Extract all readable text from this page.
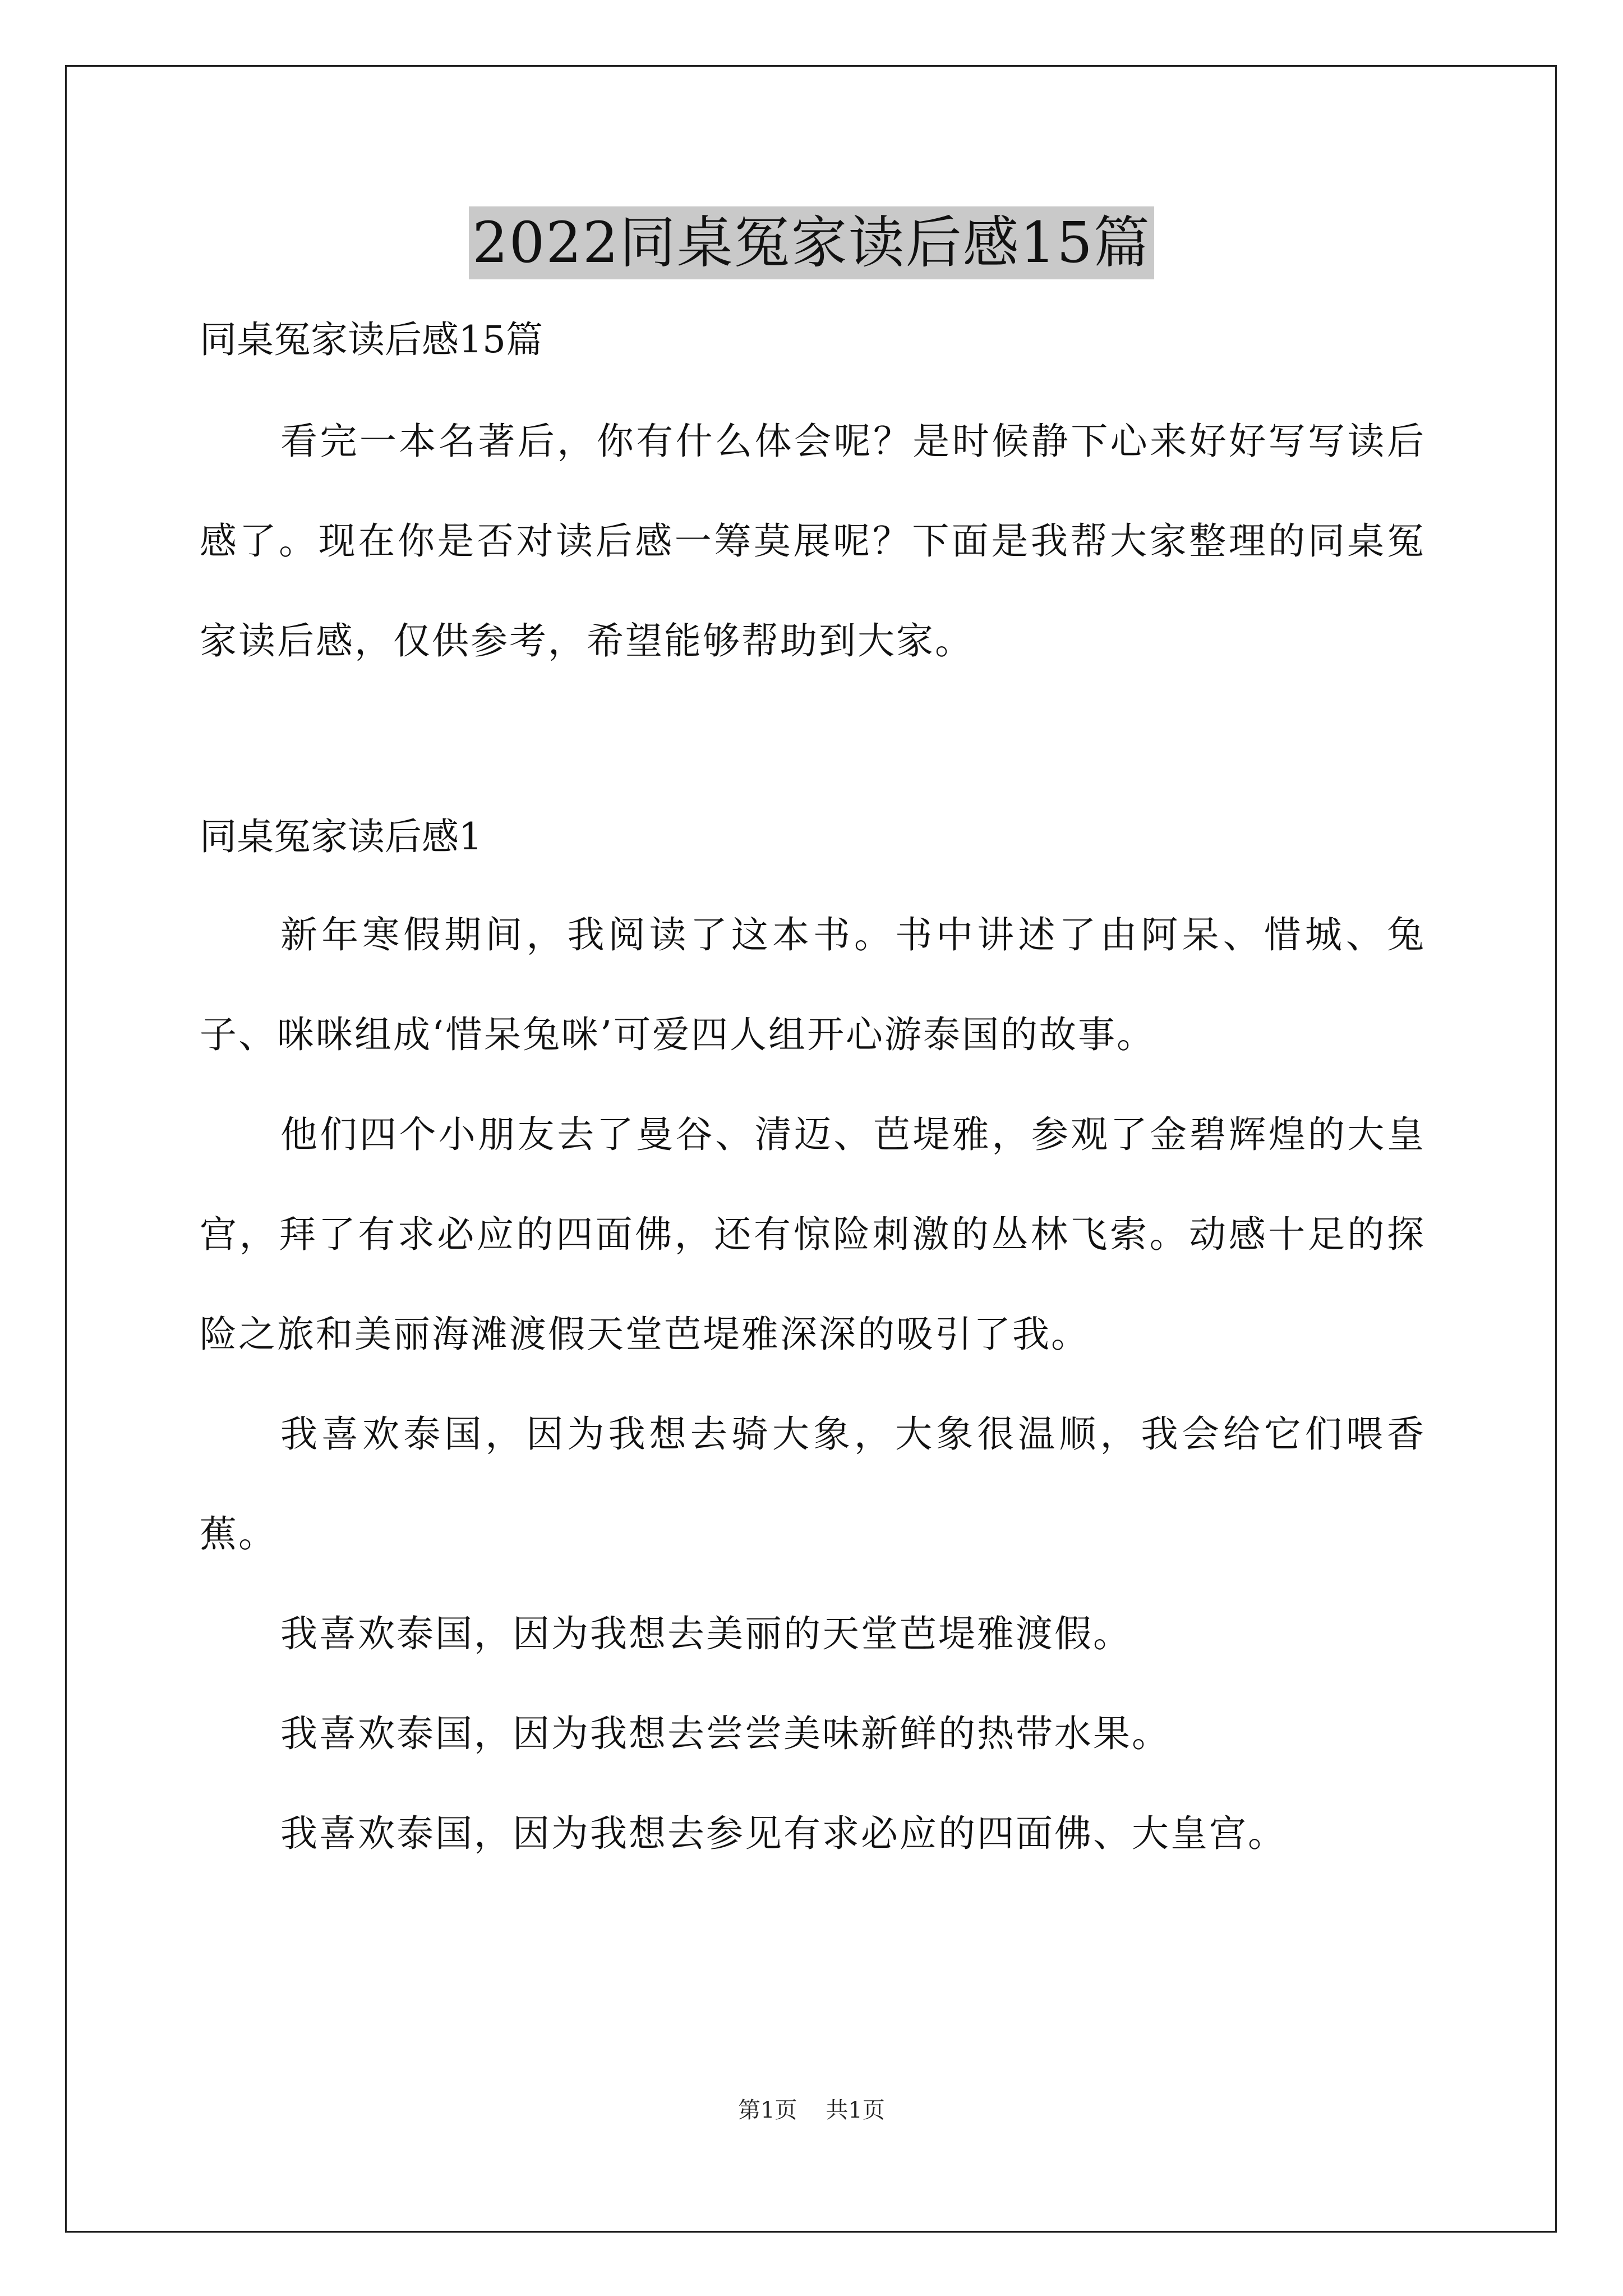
2022同桌冤家读后感15篇

同桌冤家读后感15篇

看完一本名著后，你有什么体会呢？是时候静下心来好好写写读后感了。现在你是否对读后感一筹莫展呢？下面是我帮大家整理的同桌冤家读后感，仅供参考，希望能够帮助到大家。

同桌冤家读后感1

新年寒假期间，我阅读了这本书。书中讲述了由阿呆、惜城、兔子、咪咪组成‘惜呆兔咪’可爱四人组开心游泰国的故事。

他们四个小朋友去了曼谷、清迈、芭堤雅，参观了金碧辉煌的大皇宫，拜了有求必应的四面佛，还有惊险刺激的丛林飞索。动感十足的探险之旅和美丽海滩渡假天堂芭堤雅深深的吸引了我。

我喜欢泰国，因为我想去骑大象，大象很温顺，我会给它们喂香蕉。

我喜欢泰国，因为我想去美丽的天堂芭堤雅渡假。

我喜欢泰国，因为我想去尝尝美味新鲜的热带水果。

我喜欢泰国，因为我想去参见有求必应的四面佛、大皇宫。

第1页 共1页
